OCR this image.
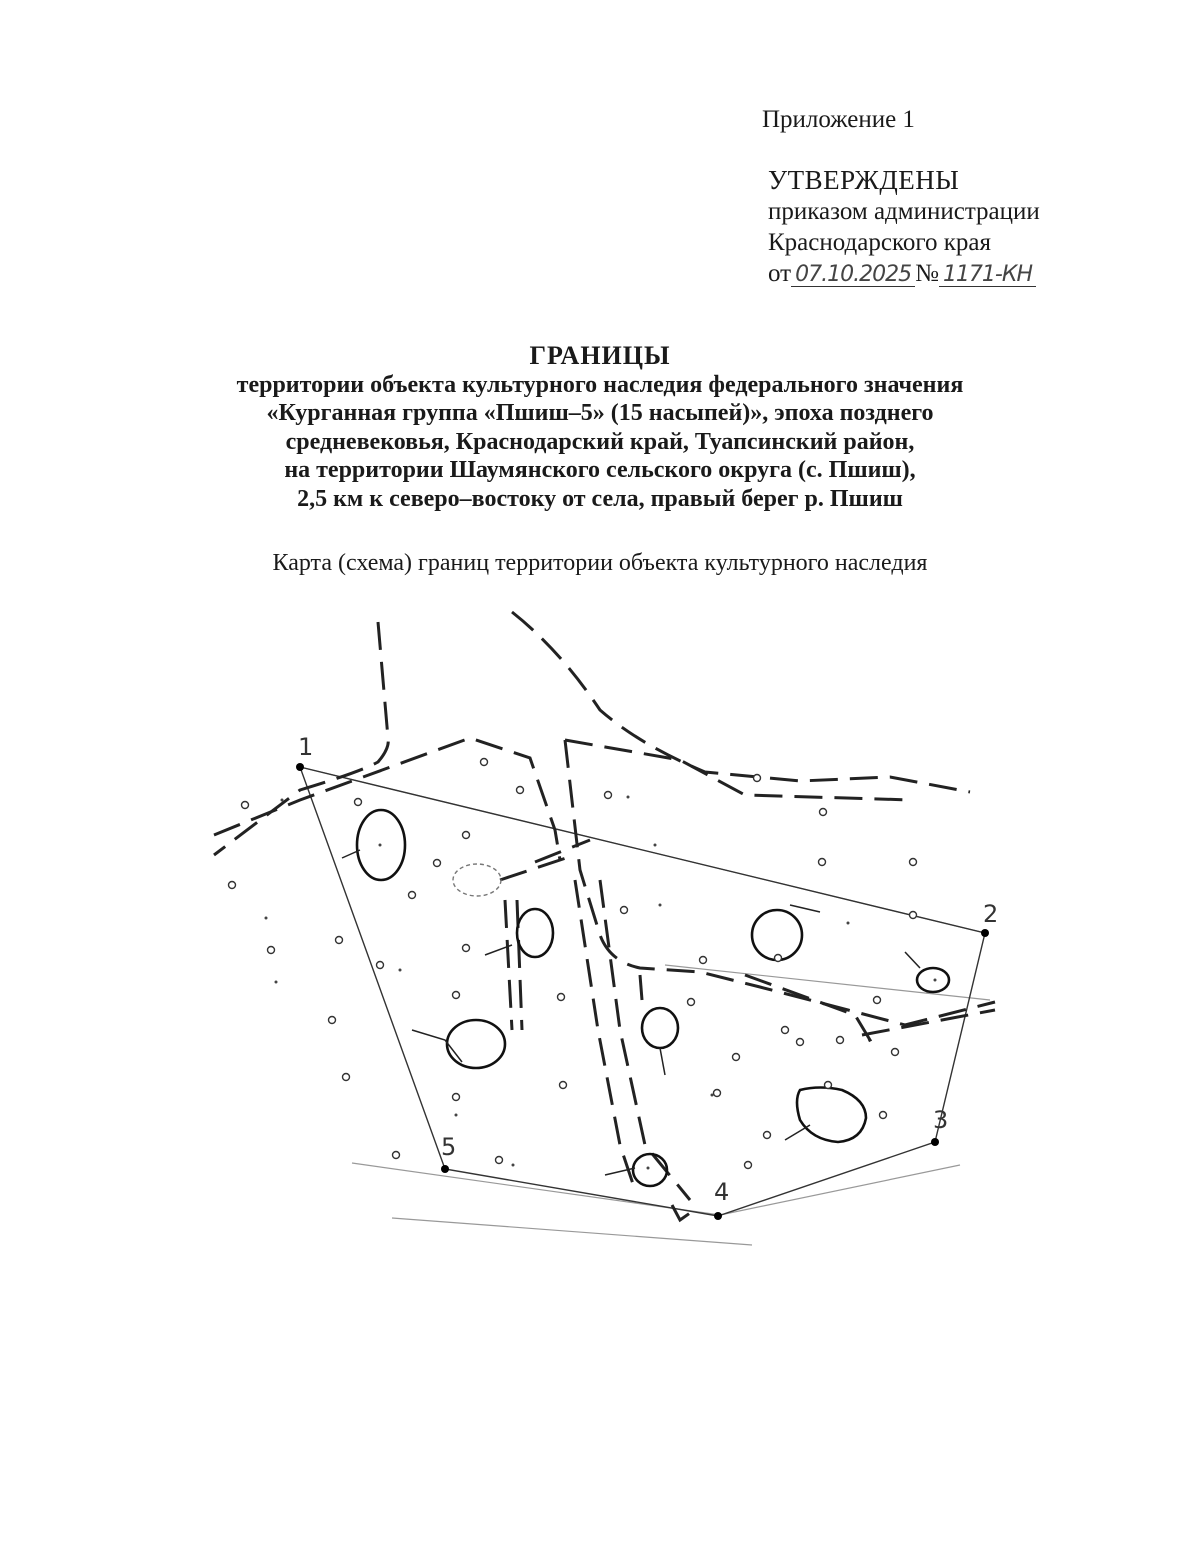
Приложение 1
УТВЕРЖДЕНЫ
приказом администрации
Краснодарского края
от 07.10.2025 № 1171-КН
ГРАНИЦЫ
территории объекта культурного наследия федерального значения
«Курганная группа «Пшиш–5» (15 насыпей)», эпоха позднего
средневековья, Краснодарский край, Туапсинский район,
на территории Шаумянского сельского округа (с. Пшиш),
2,5 км к северо–востоку от села, правый берег р. Пшиш
Карта (схема) границ территории объекта культурного наследия
1
2
3
4
5
